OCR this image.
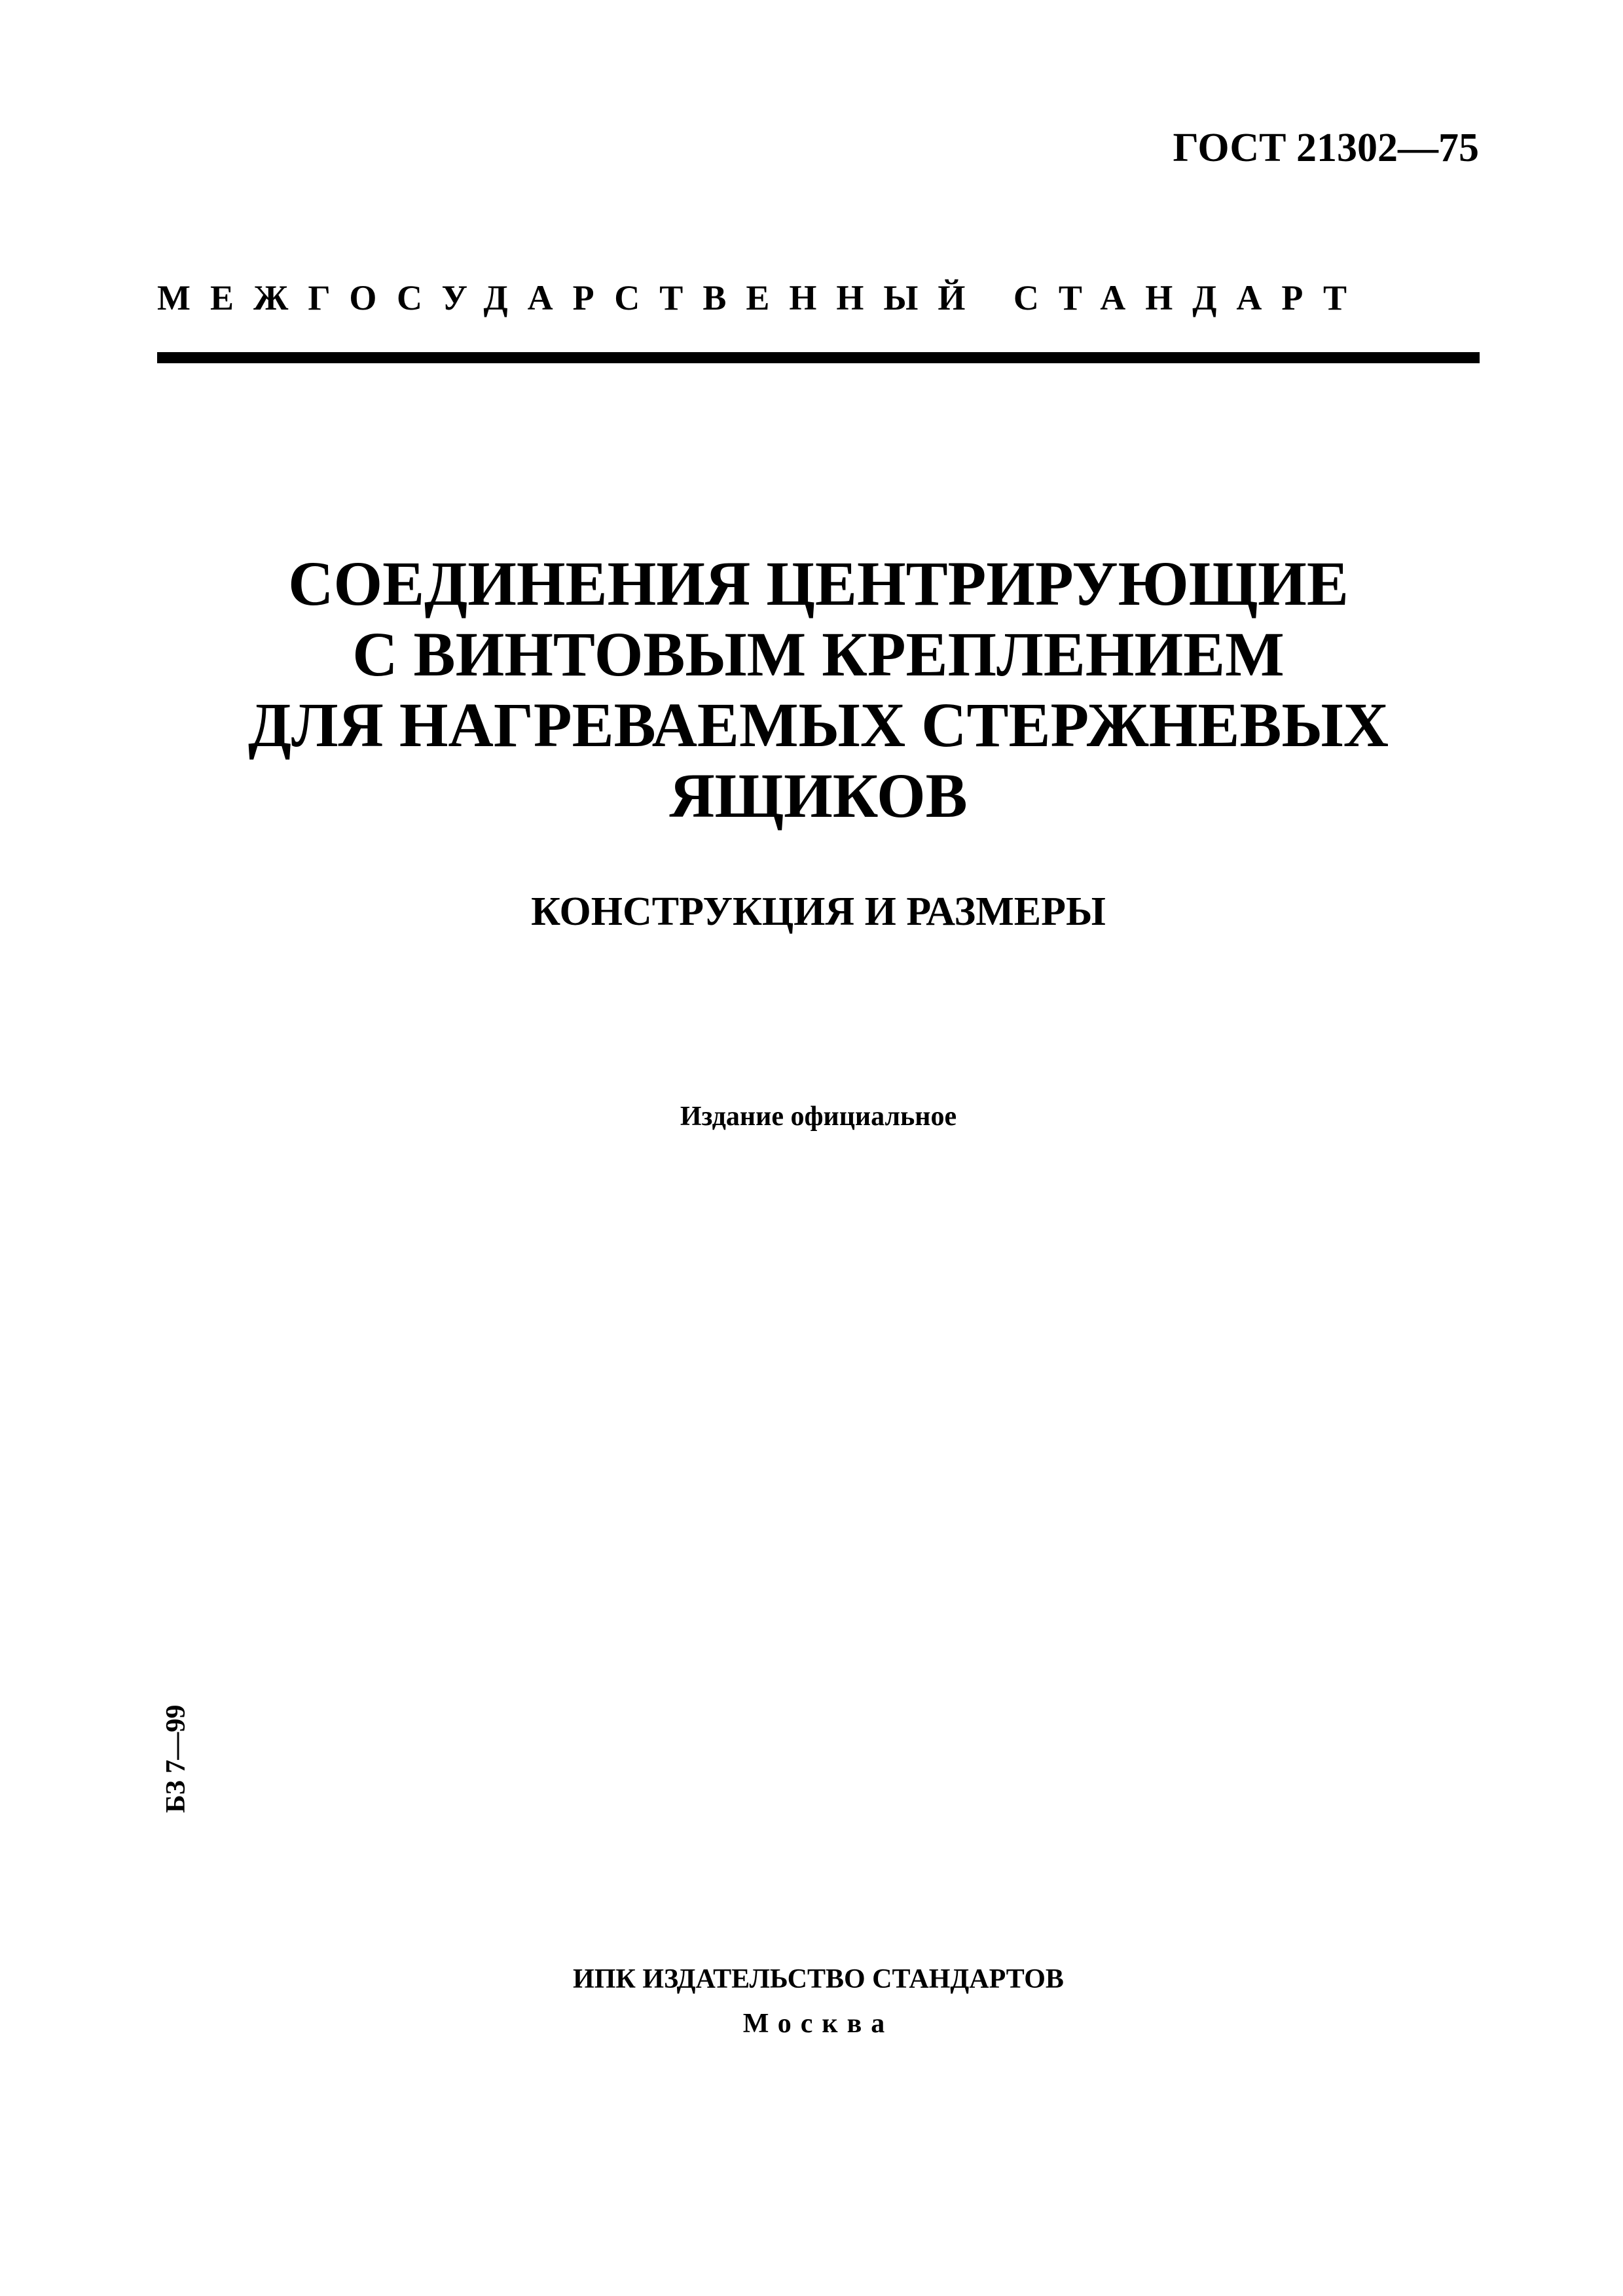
ГОСТ 21302—75
МЕЖГОСУДАРСТВЕННЫЙ СТАНДАРТ
СОЕДИНЕНИЯ ЦЕНТРИРУЮЩИЕ
С ВИНТОВЫМ КРЕПЛЕНИЕМ
ДЛЯ НАГРЕВАЕМЫХ СТЕРЖНЕВЫХ
ЯЩИКОВ
КОНСТРУКЦИЯ И РАЗМЕРЫ
Издание официальное
БЗ 7—99
ИПК ИЗДАТЕЛЬСТВО СТАНДАРТОВ
Москва
